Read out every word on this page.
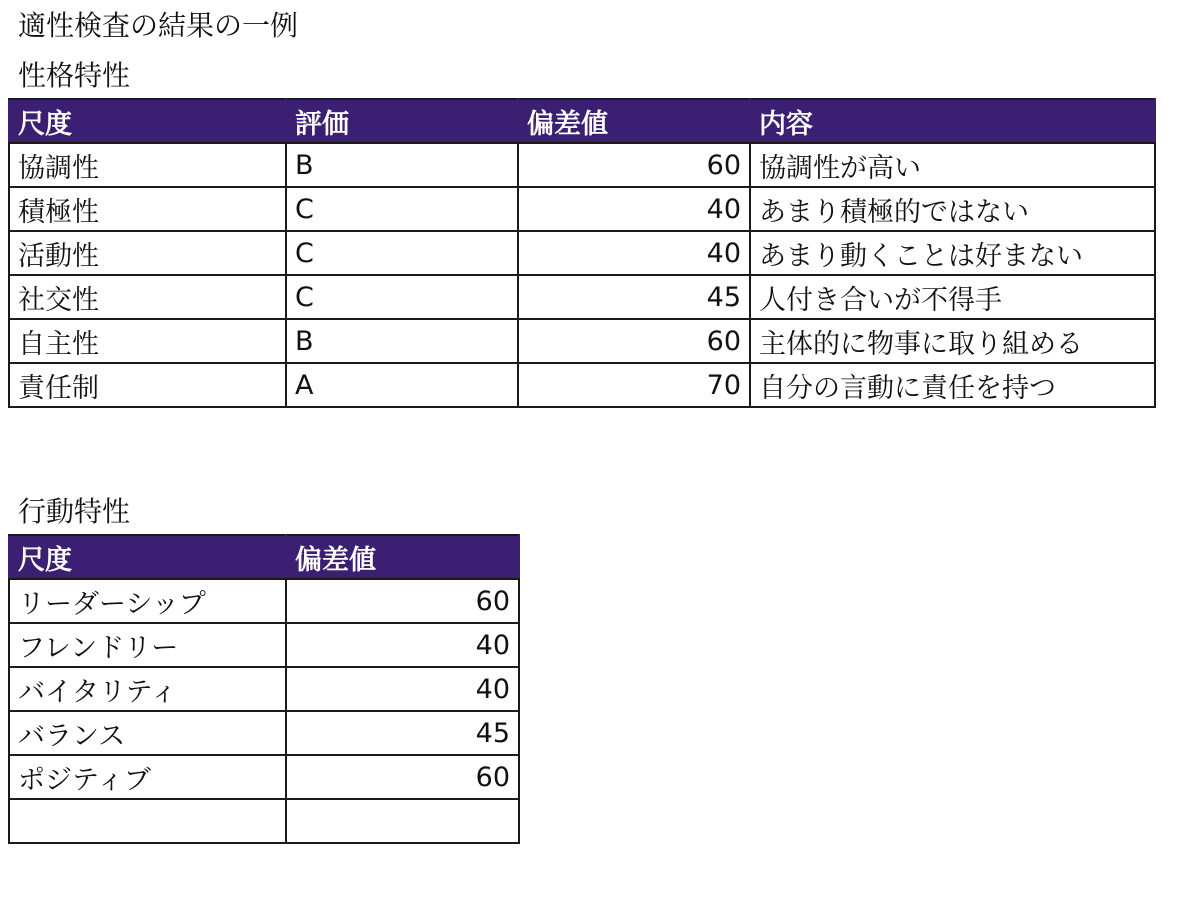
適性検査の結果の一例
性格特性
尺度	評価	偏差値	内容
協調性	B	60	協調性が高い
積極性	C	40	あまり積極的ではない
活動性	C	40	あまり動くことは好まない
社交性	C	45	人付き合いが不得手
自主性	B	60	主体的に物事に取り組める
責任制	A	70	自分の言動に責任を持つ
行動特性
尺度	偏差値
リーダーシップ	60
フレンドリー	40
バイタリティ	40
バランス	45
ポジティブ	60
